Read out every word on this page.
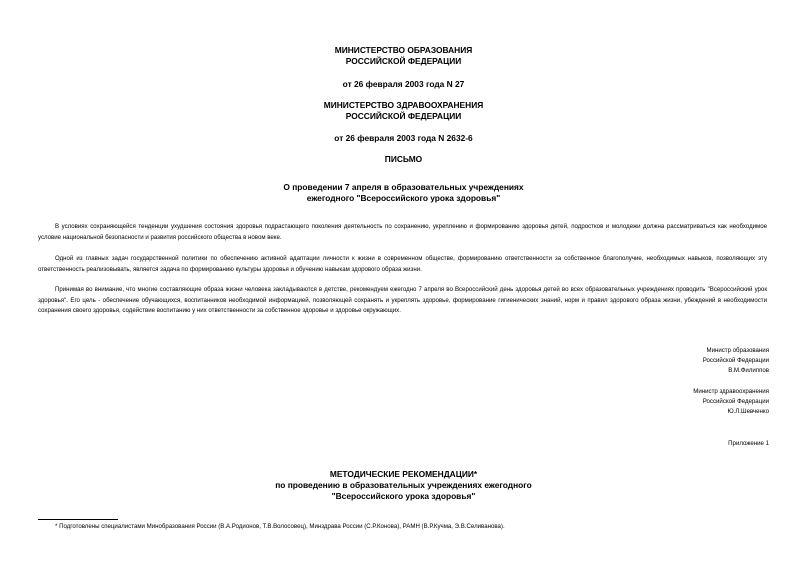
МИНИСТЕРСТВО ОБРАЗОВАНИЯ
РОССИЙСКОЙ ФЕДЕРАЦИИ
от 26 февраля 2003 года N 27
МИНИСТЕРСТВО ЗДРАВООХРАНЕНИЯ
РОССИЙСКОЙ ФЕДЕРАЦИИ
от 26 февраля 2003 года N 2632-6
ПИСЬМО
О проведении 7 апреля в образовательных учреждениях
ежегодного "Всероссийского урока здоровья"

В условиях сохраняющейся тенденции ухудшения состояния здоровья подрастающего поколения деятельность по сохранению, укреплению и формированию здоровья детей, подростков и молодежи должна рассматриваться как необходимое условие национальной безопасности и развития российского общества в новом веке.

Одной из главных задач государственной политики по обеспечению активной адаптации личности к жизни в современном обществе, формированию ответственности за собственное благополучие, необходимых навыков, позволяющих эту ответственность реализовывать, является задача по формированию культуры здоровья и обучению навыкам здорового образа жизни.

Принимая во внимание, что многие составляющие образа жизни человека закладываются в детстве, рекомендуем ежегодно 7 апреля во Всероссийский день здоровья детей во всех образовательных учреждениях проводить "Всероссийский урок здоровья". Его цель - обеспечение обучающихся, воспитанников необходимой информацией, позволяющей сохранять и укреплять здоровье, формирование гигиенических знаний, норм и правил здорового образа жизни, убеждений в необходимости сохранения своего здоровья, содействие воспитанию у них ответственности за собственное здоровье и здоровье окружающих.

Министр образования
Российской Федерации
В.М.Филиппов
Министр здравоохранения
Российской Федерации
Ю.Л.Шевченко
Приложение 1
МЕТОДИЧЕСКИЕ РЕКОМЕНДАЦИИ*
по проведению в образовательных учреждениях ежегодного
"Всероссийского урока здоровья"
* Подготовлены специалистами Минобразования России (В.А.Родионов, Т.В.Волосовец), Минздрава России (С.Р.Конова), РАМН (В.Р.Кучма, Э.В.Селиванова).
